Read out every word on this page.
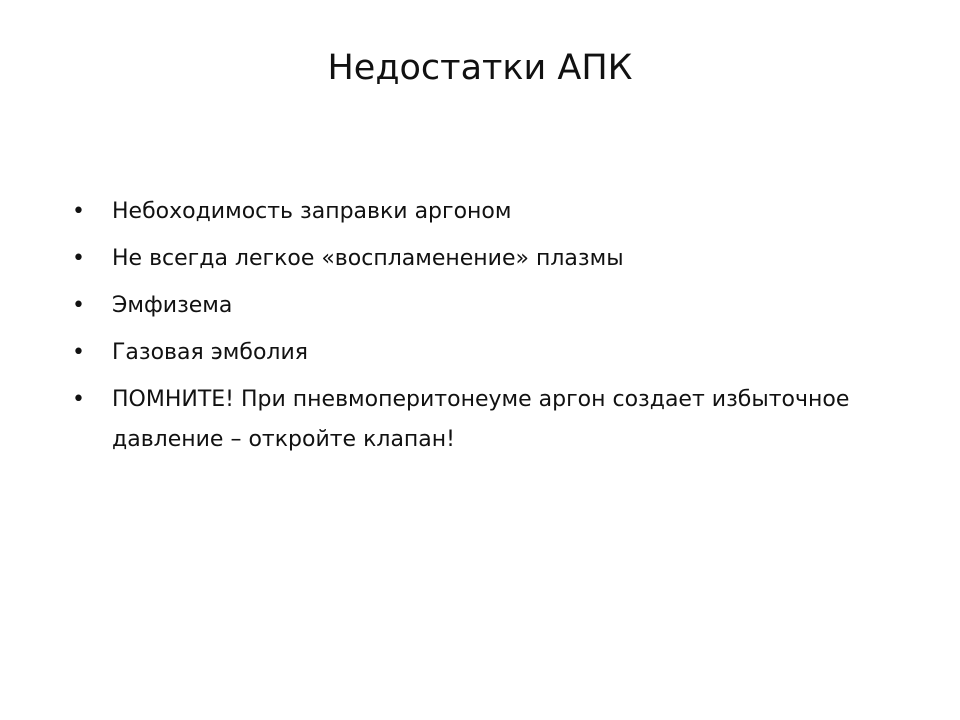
Недостатки АПК
•	Небоходимость заправки аргоном
•	Не всегда легкое «воспламенение» плазмы
•	Эмфизема
•	Газовая эмболия
•	ПОМНИТЕ! При пневмоперитонеуме аргон создает избыточное давление – откройте клапан!
